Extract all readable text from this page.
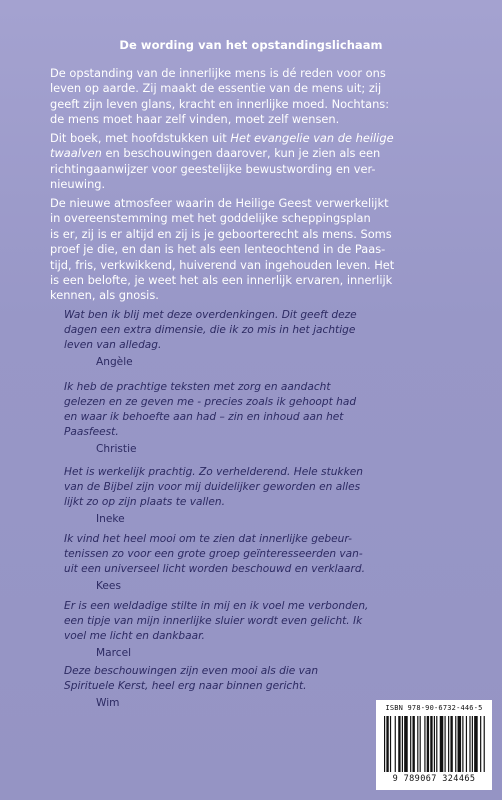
De wording van het opstandingslichaam
De opstanding van de innerlijke mens is dé reden voor ons
leven op aarde. Zij maakt de essentie van de mens uit; zij
geeft zijn leven glans, kracht en innerlijke moed. Nochtans:
de mens moet haar zelf vinden, moet zelf wensen.
Dit boek, met hoofdstukken uit Het evangelie van de heilige
twaalven en beschouwingen daarover, kun je zien als een
richtingaanwijzer voor geestelijke bewustwording en ver-
nieuwing.
De nieuwe atmosfeer waarin de Heilige Geest verwerkelijkt
in overeenstemming met het goddelijke scheppingsplan
is er, zij is er altijd en zij is je geboorterecht als mens. Soms
proef je die, en dan is het als een lenteochtend in de Paas-
tijd, fris, verkwikkend, huiverend van ingehouden leven. Het
is een belofte, je weet het als een innerlijk ervaren, innerlijk
kennen, als gnosis.
Wat ben ik blij met deze overdenkingen. Dit geeft deze
dagen een extra dimensie, die ik zo mis in het jachtige
leven van alledag.
Angèle
Ik heb de prachtige teksten met zorg en aandacht
gelezen en ze geven me - precies zoals ik gehoopt had
en waar ik behoefte aan had – zin en inhoud aan het
Paasfeest.
Christie
Het is werkelijk prachtig. Zo verhelderend. Hele stukken
van de Bijbel zijn voor mij duidelijker geworden en alles
lijkt zo op zijn plaats te vallen.
Ineke
Ik vind het heel mooi om te zien dat innerlijke gebeur-
tenissen zo voor een grote groep geïnteresseerden van-
uit een universeel licht worden beschouwd en verklaard.
Kees
Er is een weldadige stilte in mij en ik voel me verbonden,
een tipje van mijn innerlijke sluier wordt even gelicht. Ik
voel me licht en dankbaar.
Marcel
Deze beschouwingen zijn even mooi als die van
Spirituele Kerst, heel erg naar binnen gericht.
Wim	ISBN 978-90-6732-446-5
9 789067 324465
